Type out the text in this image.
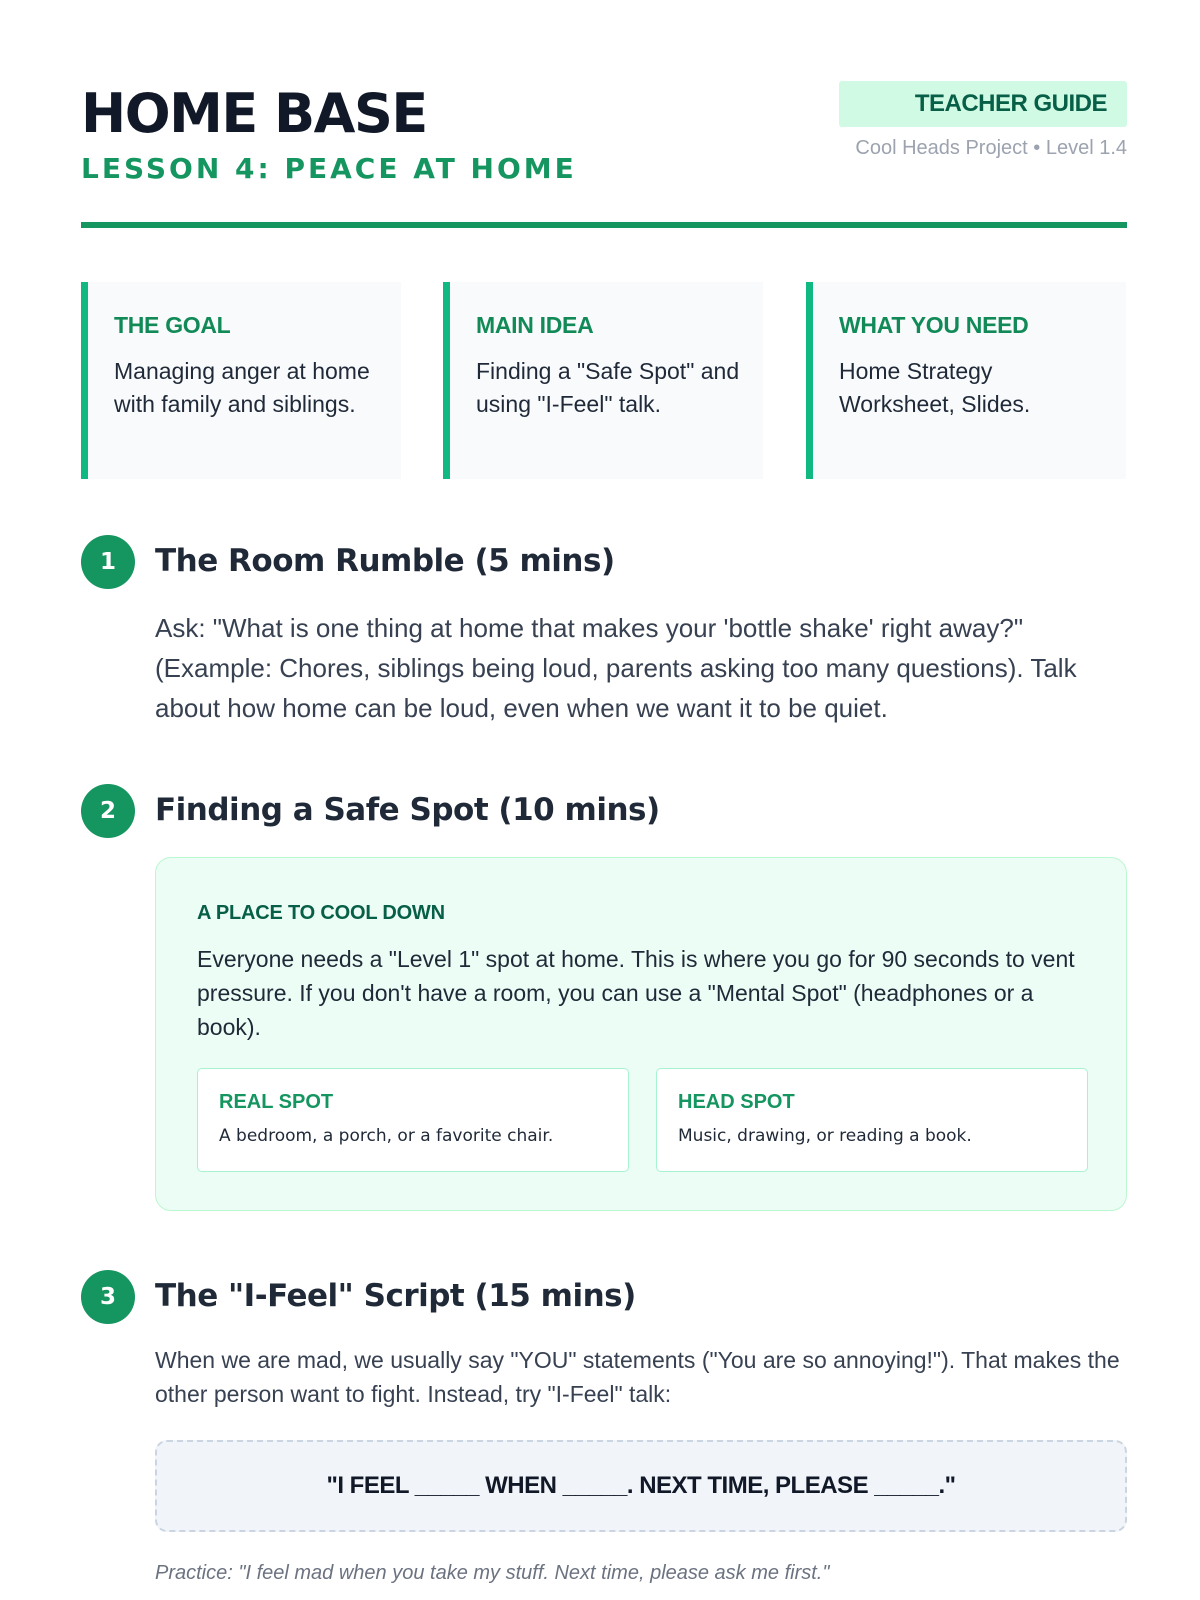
HOME BASE
LESSON 4: PEACE AT HOME
TEACHER GUIDE
Cool Heads Project • Level 1.4
THE GOAL
Managing anger at home with family and siblings.
MAIN IDEA
Finding a "Safe Spot" and using "I-Feel" talk.
WHAT YOU NEED
Home Strategy Worksheet, Slides.
1	The Room Rumble (5 mins)
Ask: "What is one thing at home that makes your 'bottle shake' right away?" (Example: Chores, siblings being loud, parents asking too many questions). Talk about how home can be loud, even when we want it to be quiet.
2	Finding a Safe Spot (10 mins)
A PLACE TO COOL DOWN
Everyone needs a "Level 1" spot at home. This is where you go for 90 seconds to vent pressure. If you don't have a room, you can use a "Mental Spot" (headphones or a book).
REAL SPOT
A bedroom, a porch, or a favorite chair.
HEAD SPOT
Music, drawing, or reading a book.
3	The "I-Feel" Script (15 mins)
When we are mad, we usually say "YOU" statements ("You are so annoying!"). That makes the other person want to fight. Instead, try "I-Feel" talk:
"I FEEL _____ WHEN _____. NEXT TIME, PLEASE _____."
Practice: "I feel mad when you take my stuff. Next time, please ask me first."
